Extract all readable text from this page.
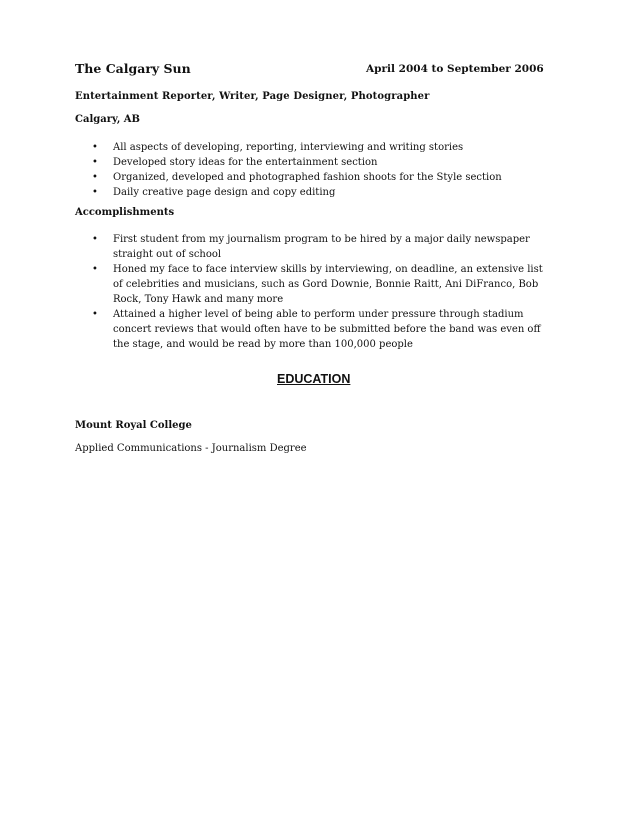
The Calgary Sun	April 2004 to September 2006
Entertainment Reporter, Writer, Page Designer, Photographer
Calgary, AB
• All aspects of developing, reporting, interviewing and writing stories
• Developed story ideas for the entertainment section
• Organized, developed and photographed fashion shoots for the Style section
• Daily creative page design and copy editing
Accomplishments
• First student from my journalism program to be hired by a major daily newspaper straight out of school
• Honed my face to face interview skills by interviewing, on deadline, an extensive list of celebrities and musicians, such as Gord Downie, Bonnie Raitt, Ani DiFranco, Bob Rock, Tony Hawk and many more
• Attained a higher level of being able to perform under pressure through stadium concert reviews that would often have to be submitted before the band was even off the stage, and would be read by more than 100,000 people
EDUCATION
Mount Royal College
Applied Communications - Journalism Degree
